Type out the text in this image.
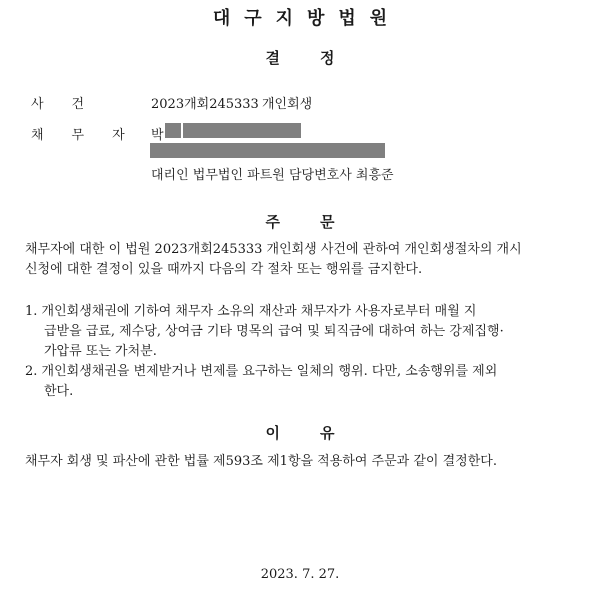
대구지방법원
결정
사건	2023개회245333 개인회생
채무자
박
대리인 법무법인 파트원 담당변호사 최흥준
주문
채무자에 대한 이 법원 2023개회245333 개인회생 사건에 관하여 개인회생절차의 개시
신청에 대한 결정이 있을 때까지 다음의 각 절차 또는 행위를 금지한다.
1. 개인회생채권에 기하여 채무자 소유의 재산과 채무자가 사용자로부터 매월 지
급받을 급료, 제수당, 상여금 기타 명목의 급여 및 퇴직금에 대하여 하는 강제집행·
가압류 또는 가처분.
2. 개인회생채권을 변제받거나 변제를 요구하는 일체의 행위. 다만, 소송행위를 제외
한다.
이유
채무자 회생 및 파산에 관한 법률 제593조 제1항을 적용하여 주문과 같이 결정한다.
2023. 7. 27.
